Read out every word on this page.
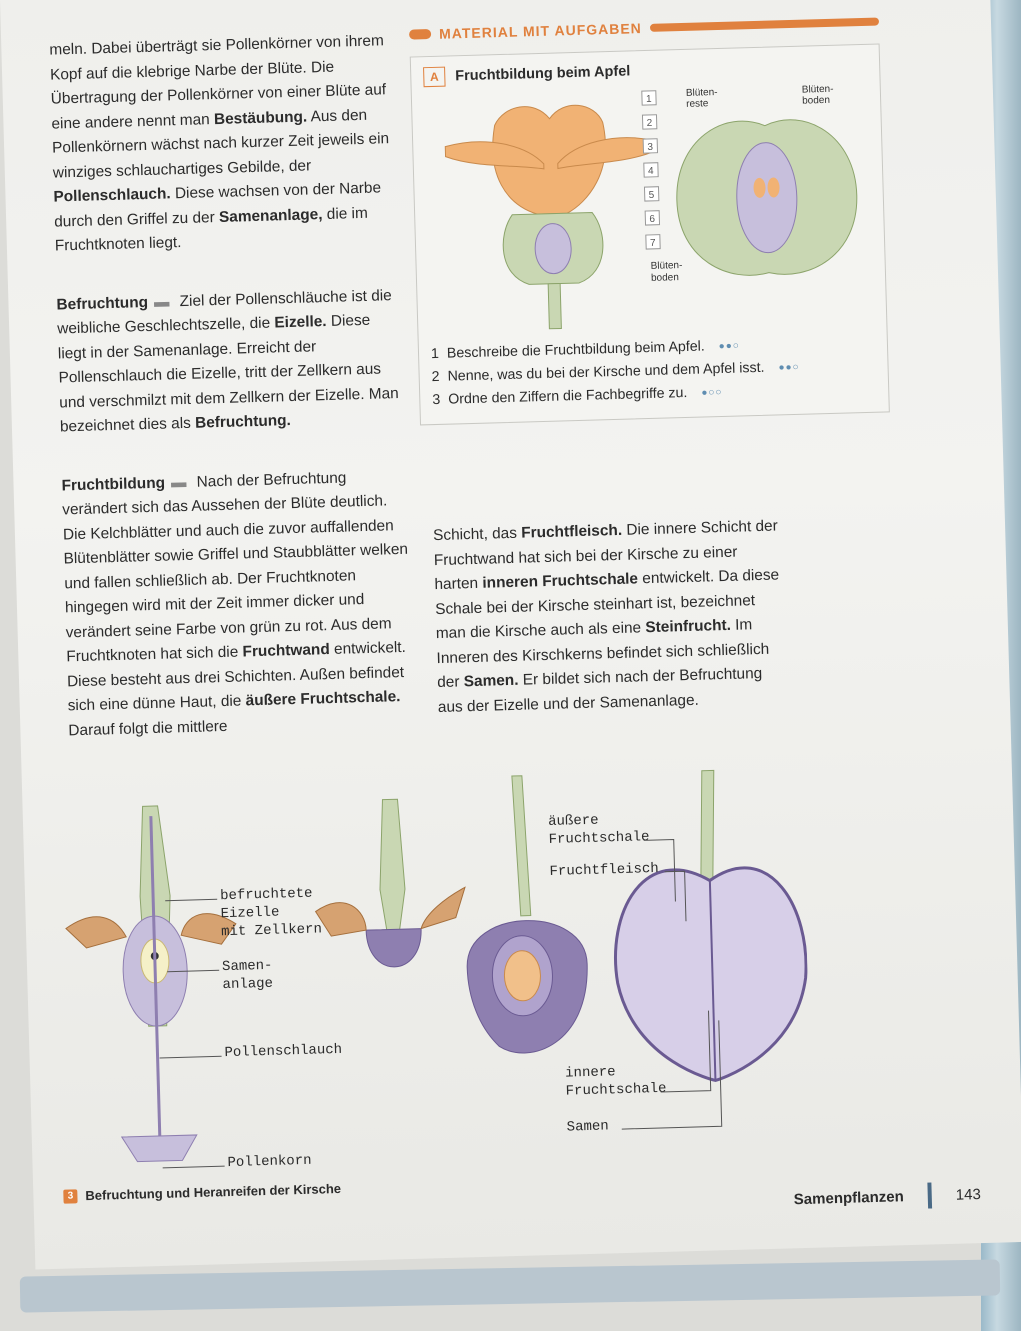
meln. Dabei überträgt sie Pollenkörner von ihrem Kopf auf die klebrige Narbe der Blüte. Die Übertragung der Pollenkörner von einer Blüte auf eine andere nennt man Bestäubung. Aus den Pollenkörnern wächst nach kurzer Zeit jeweils ein winziges schlauchartiges Gebilde, der Pollenschlauch. Diese wachsen von der Narbe durch den Griffel zu der Samenanlage, die im Fruchtknoten liegt.

Befruchtung ▬ Ziel der Pollenschläuche ist die weibliche Geschlechtszelle, die Eizelle. Diese liegt in der Samenanlage. Erreicht der Pollenschlauch die Eizelle, tritt der Zellkern aus und verschmilzt mit dem Zellkern der Eizelle. Man bezeichnet dies als Befruchtung.

Fruchtbildung ▬ Nach der Befruchtung verändert sich das Aussehen der Blüte deutlich. Die Kelchblätter und auch die zuvor auffallenden Blütenblätter sowie Griffel und Staubblätter welken und fallen schließlich ab. Der Fruchtknoten hingegen wird mit der Zeit immer dicker und verändert seine Farbe von grün zu rot. Aus dem Fruchtknoten hat sich die Fruchtwand entwickelt. Diese besteht aus drei Schichten. Außen befindet sich eine dünne Haut, die äußere Fruchtschale. Darauf folgt die mittlere

MATERIAL MIT AUFGABEN
A	Fruchtbildung beim Apfel
1
2
3
4
5
6
7
Blüten-
reste
Blüten-
boden
Blüten-
boden
1 Beschreibe die Fruchtbildung beim Apfel. ●●○
2 Nenne, was du bei der Kirsche und dem Apfel isst. ●●○
3 Ordne den Ziffern die Fachbegriffe zu. ●○○

Schicht, das Fruchtfleisch. Die innere Schicht der Fruchtwand hat sich bei der Kirsche zu einer harten inneren Fruchtschale entwickelt. Da diese Schale bei der Kirsche steinhart ist, bezeichnet man die Kirsche auch als eine Steinfrucht. Im Inneren des Kirschkerns befindet sich schließlich der Samen. Er bildet sich nach der Befruchtung aus der Eizelle und der Samenanlage.

befruchtete
Eizelle
mit Zellkern
Samen-
anlage
Pollenschlauch
Pollenkorn
äußere
Fruchtschale
Fruchtfleisch
innere
Fruchtschale
Samen
3 Befruchtung und Heranreifen der Kirsche	Samenpflanzen	143
